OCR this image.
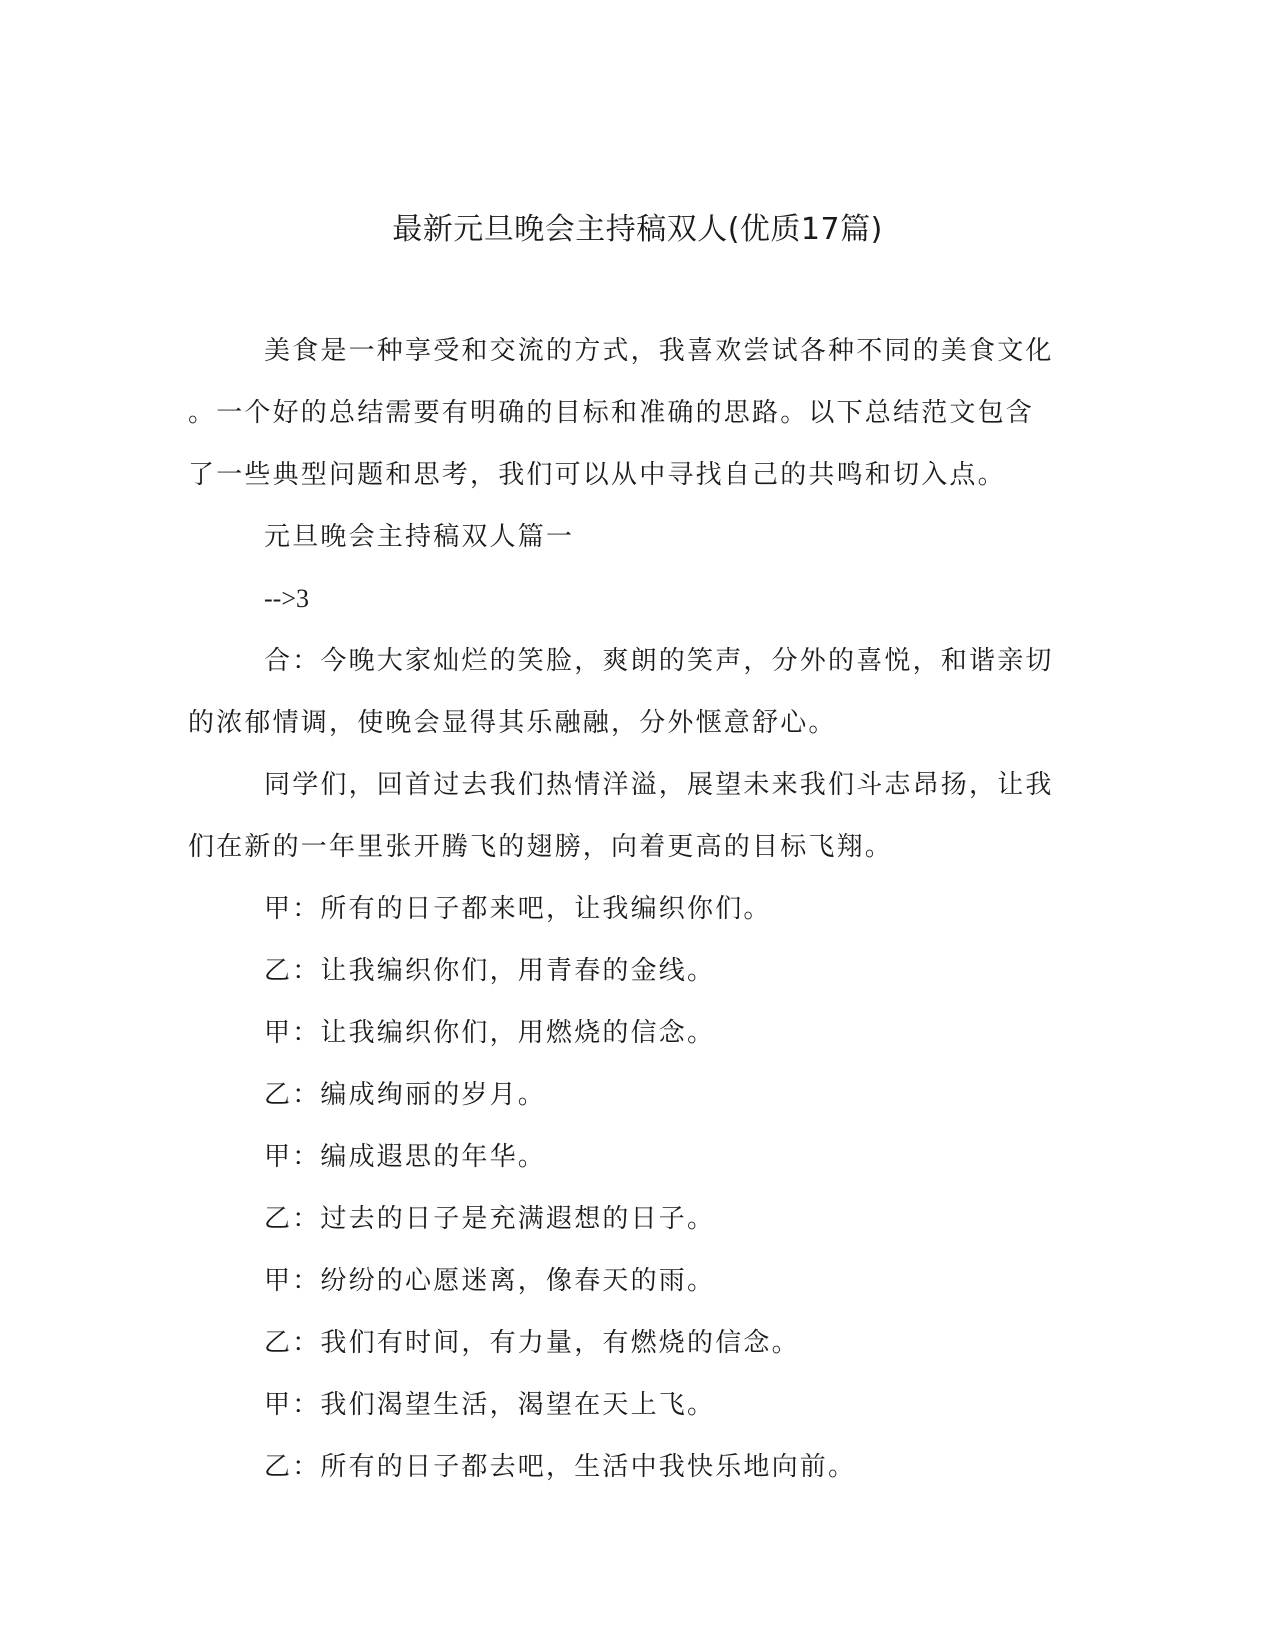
最新元旦晚会主持稿双人(优质17篇)

美食是一种享受和交流的方式，我喜欢尝试各种不同的美食文化

。一个好的总结需要有明确的目标和准确的思路。以下总结范文包含

了一些典型问题和思考，我们可以从中寻找自己的共鸣和切入点。

元旦晚会主持稿双人篇一

-->3

合：今晚大家灿烂的笑脸，爽朗的笑声，分外的喜悦，和谐亲切

的浓郁情调，使晚会显得其乐融融，分外惬意舒心。

同学们，回首过去我们热情洋溢，展望未来我们斗志昂扬，让我

们在新的一年里张开腾飞的翅膀，向着更高的目标飞翔。

甲：所有的日子都来吧，让我编织你们。

乙：让我编织你们，用青春的金线。

甲：让我编织你们，用燃烧的信念。

乙：编成绚丽的岁月。

甲：编成遐思的年华。

乙：过去的日子是充满遐想的日子。

甲：纷纷的心愿迷离，像春天的雨。

乙：我们有时间，有力量，有燃烧的信念。

甲：我们渴望生活，渴望在天上飞。

乙：所有的日子都去吧，生活中我快乐地向前。
